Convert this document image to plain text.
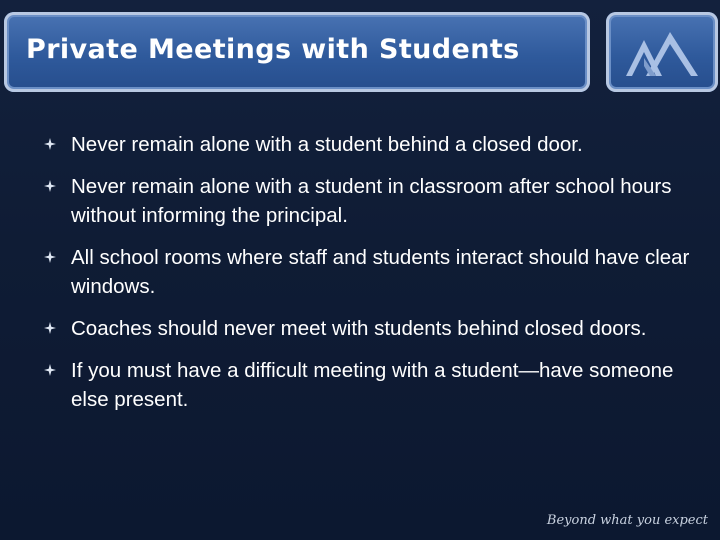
Private Meetings with Students
Never remain alone with a student behind a closed door.
Never remain alone with a student in classroom after school hours without informing the principal.
All school rooms where staff and students interact should have clear windows.
Coaches should never meet with students behind closed doors.
If you must have a difficult meeting with a student—have someone else present.
Beyond what you expect
